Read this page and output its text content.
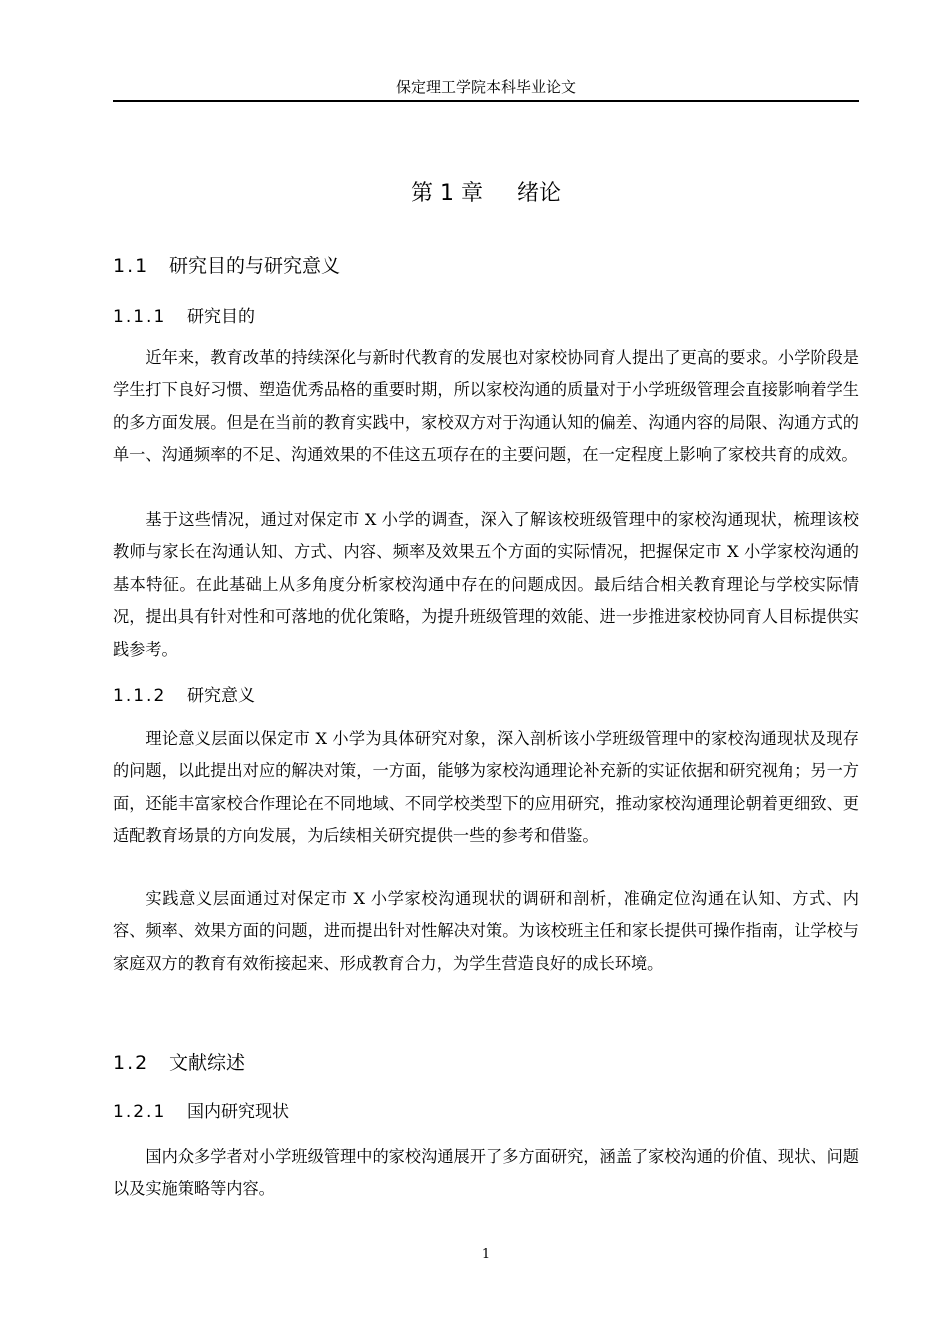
保定理工学院本科毕业论文
第 1 章 绪论
1.1 研究目的与研究意义
1.1.1 研究目的

近年来，教育改革的持续深化与新时代教育的发展也对家校协同育人提出了更高的要求。小学阶段是学生打下良好习惯、塑造优秀品格的重要时期，所以家校沟通的质量对于小学班级管理会直接影响着学生的多方面发展。但是在当前的教育实践中，家校双方对于沟通认知的偏差、沟通内容的局限、沟通方式的单一、沟通频率的不足、沟通效果的不佳这五项存在的主要问题，在一定程度上影响了家校共育的成效。

基于这些情况，通过对保定市 X 小学的调查，深入了解该校班级管理中的家校沟通现状，梳理该校教师与家长在沟通认知、方式、内容、频率及效果五个方面的实际情况，把握保定市 X 小学家校沟通的基本特征。在此基础上从多角度分析家校沟通中存在的问题成因。最后结合相关教育理论与学校实际情况，提出具有针对性和可落地的优化策略，为提升班级管理的效能、进一步推进家校协同育人目标提供实践参考。

1.1.2 研究意义

理论意义层面以保定市 X 小学为具体研究对象，深入剖析该小学班级管理中的家校沟通现状及现存的问题，以此提出对应的解决对策，一方面，能够为家校沟通理论补充新的实证依据和研究视角；另一方面，还能丰富家校合作理论在不同地域、不同学校类型下的应用研究，推动家校沟通理论朝着更细致、更适配教育场景的方向发展，为后续相关研究提供一些的参考和借鉴。

实践意义层面通过对保定市 X 小学家校沟通现状的调研和剖析，准确定位沟通在认知、方式、内容、频率、效果方面的问题，进而提出针对性解决对策。为该校班主任和家长提供可操作指南，让学校与家庭双方的教育有效衔接起来、形成教育合力，为学生营造良好的成长环境。

1.2 文献综述
1.2.1 国内研究现状

国内众多学者对小学班级管理中的家校沟通展开了多方面研究，涵盖了家校沟通的价值、现状、问题以及实施策略等内容。

1
